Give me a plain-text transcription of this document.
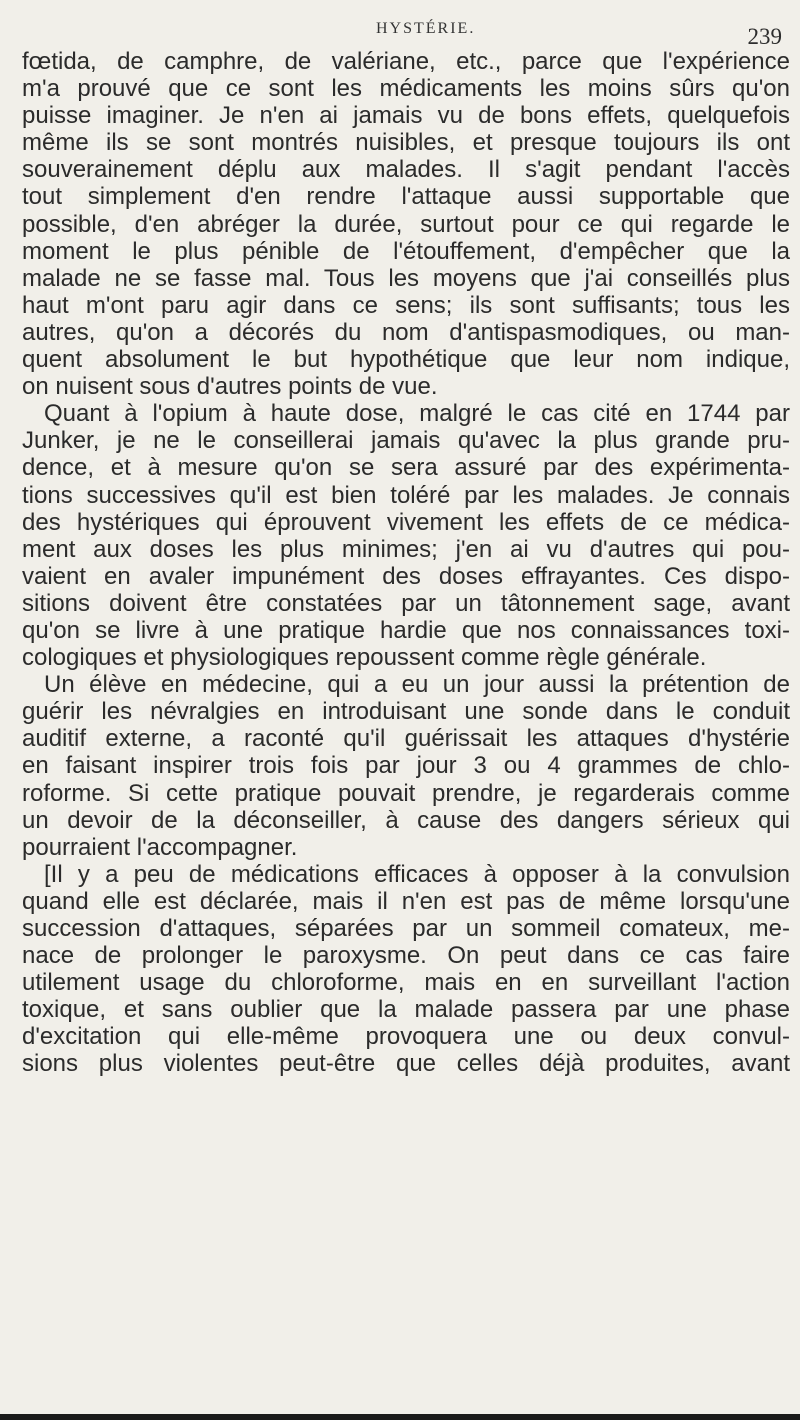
HYSTÉRIE.	239
fœtida, de camphre, de valériane, etc., parce que l'expérience
m'a prouvé que ce sont les médicaments les moins sûrs qu'on
puisse imaginer. Je n'en ai jamais vu de bons effets, quelquefois
même ils se sont montrés nuisibles, et presque toujours ils ont
souverainement déplu aux malades. Il s'agit pendant l'accès
tout simplement d'en rendre l'attaque aussi supportable que
possible, d'en abréger la durée, surtout pour ce qui regarde le
moment le plus pénible de l'étouffement, d'empêcher que la
malade ne se fasse mal. Tous les moyens que j'ai conseillés plus
haut m'ont paru agir dans ce sens; ils sont suffisants; tous les
autres, qu'on a décorés du nom d'antispasmodiques, ou man-
quent absolument le but hypothétique que leur nom indique,
on nuisent sous d'autres points de vue.
Quant à l'opium à haute dose, malgré le cas cité en 1744 par
Junker, je ne le conseillerai jamais qu'avec la plus grande pru-
dence, et à mesure qu'on se sera assuré par des expérimenta-
tions successives qu'il est bien toléré par les malades. Je connais
des hystériques qui éprouvent vivement les effets de ce médica-
ment aux doses les plus minimes; j'en ai vu d'autres qui pou-
vaient en avaler impunément des doses effrayantes. Ces dispo-
sitions doivent être constatées par un tâtonnement sage, avant
qu'on se livre à une pratique hardie que nos connaissances toxi-
cologiques et physiologiques repoussent comme règle générale.
Un élève en médecine, qui a eu un jour aussi la prétention de
guérir les névralgies en introduisant une sonde dans le conduit
auditif externe, a raconté qu'il guérissait les attaques d'hystérie
en faisant inspirer trois fois par jour 3 ou 4 grammes de chlo-
roforme. Si cette pratique pouvait prendre, je regarderais comme
un devoir de la déconseiller, à cause des dangers sérieux qui
pourraient l'accompagner.
[Il y a peu de médications efficaces à opposer à la convulsion
quand elle est déclarée, mais il n'en est pas de même lorsqu'une
succession d'attaques, séparées par un sommeil comateux, me-
nace de prolonger le paroxysme. On peut dans ce cas faire
utilement usage du chloroforme, mais en en surveillant l'action
toxique, et sans oublier que la malade passera par une phase
d'excitation qui elle-même provoquera une ou deux convul-
sions plus violentes peut-être que celles déjà produites, avant
